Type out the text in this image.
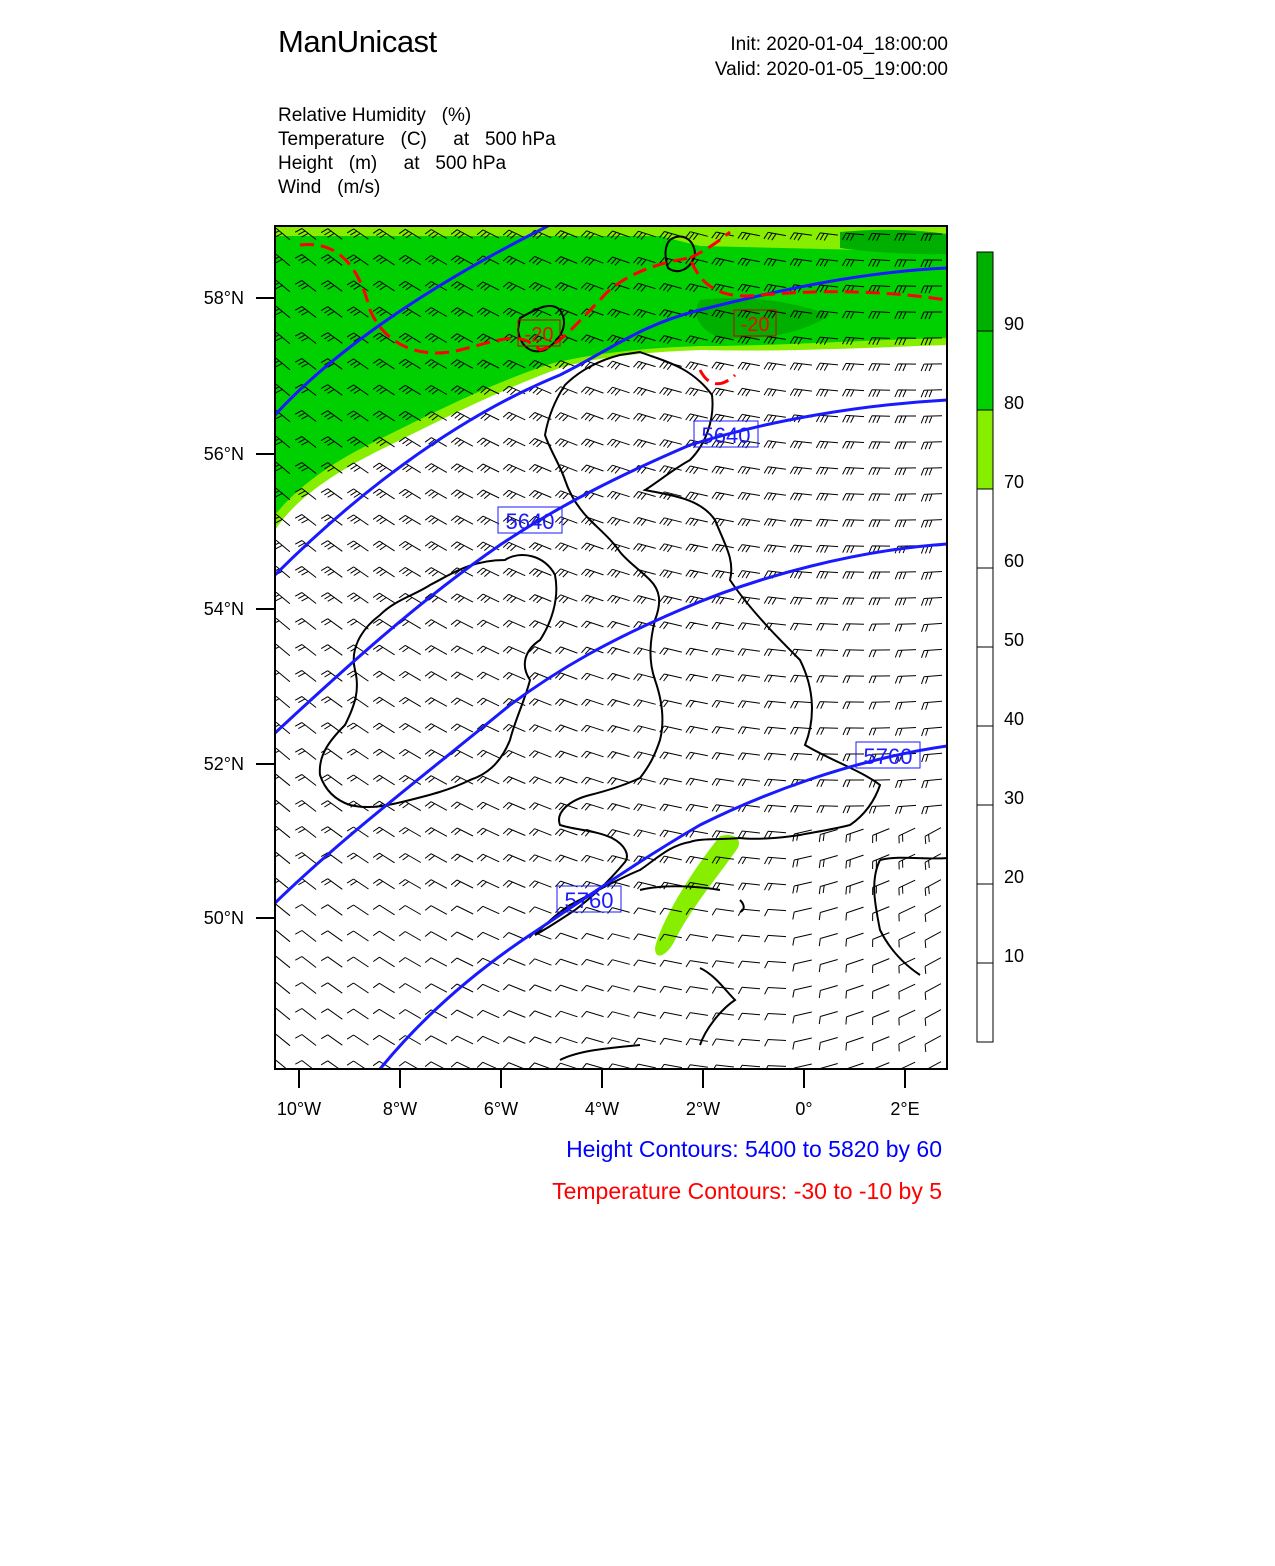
ManUnicast	Init: 2020-01-04_18:00:00
Valid: 2020-01-05_19:00:00
Relative Humidity   (%)
Temperature   (C)     at   500 hPa
Height   (m)     at   500 hPa
Wind   (m/s)
5640
5640
5760
5760
-20
-20
58°N
56°N
54°N
52°N
50°N
10°W	8°W	6°W	4°W	2°W	0°	2°E
90
80
70
60
50
40
30
20
10
Height Contours: 5400 to 5820 by 60
Temperature Contours: -30 to -10 by 5
